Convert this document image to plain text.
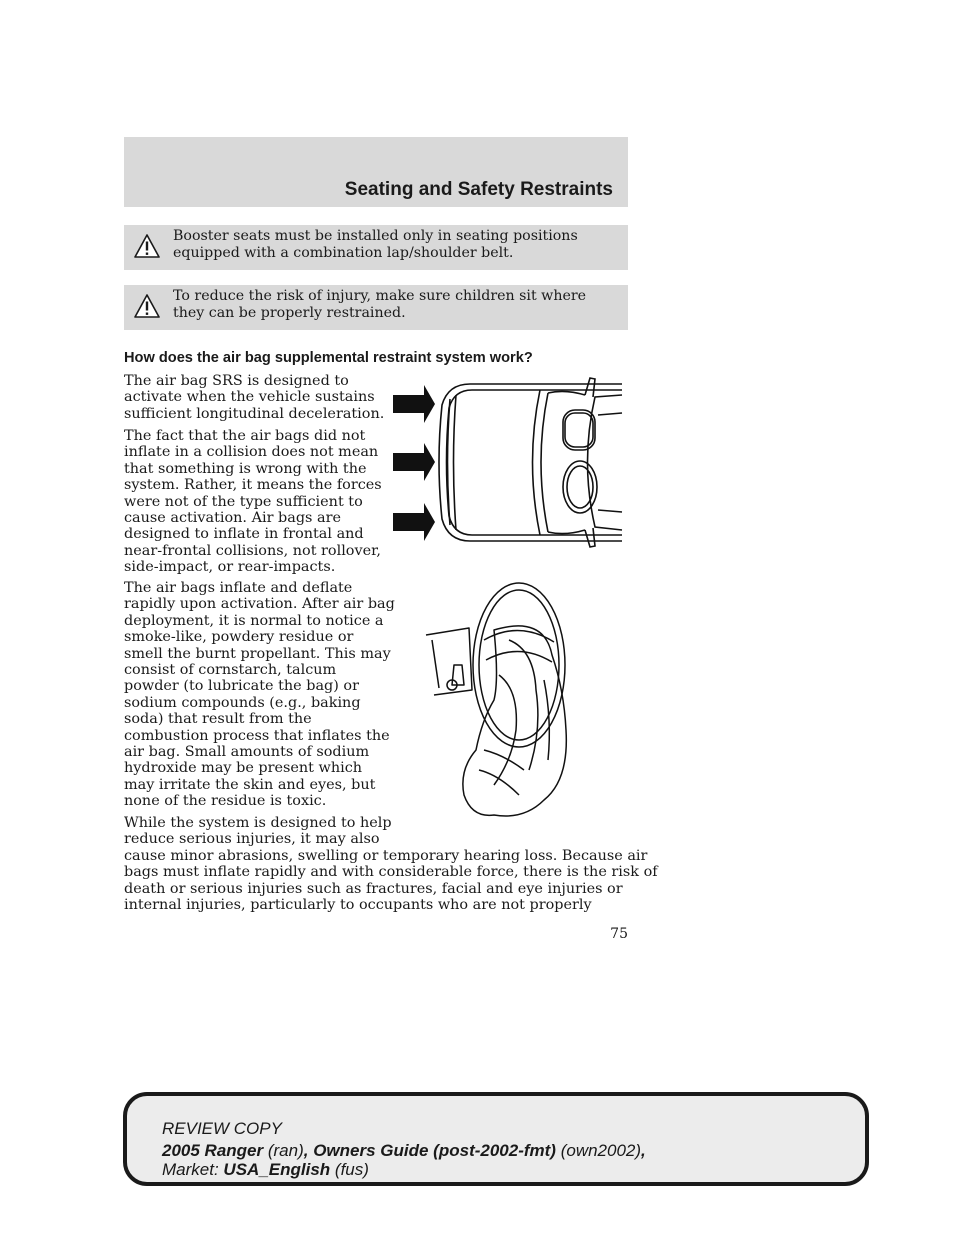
Seating and Safety Restraints
Booster seats must be installed only in seating positions equipped with a combination lap/shoulder belt.
To reduce the risk of injury, make sure children sit where they can be properly restrained.
How does the air bag supplemental restraint system work?

The air bag SRS is designed to
activate when the vehicle sustains
sufficient longitudinal deceleration.

The fact that the air bags did not
inflate in a collision does not mean
that something is wrong with the
system. Rather, it means the forces
were not of the type sufficient to
cause activation. Air bags are
designed to inflate in frontal and
near-frontal collisions, not rollover,
side-impact, or rear-impacts.

The air bags inflate and deflate
rapidly upon activation. After air bag
deployment, it is normal to notice a
smoke-like, powdery residue or
smell the burnt propellant. This may
consist of cornstarch, talcum
powder (to lubricate the bag) or
sodium compounds (e.g., baking
soda) that result from the
combustion process that inflates the
air bag. Small amounts of sodium
hydroxide may be present which
may irritate the skin and eyes, but
none of the residue is toxic.

While the system is designed to help
reduce serious injuries, it may also
cause minor abrasions, swelling or temporary hearing loss. Because air
bags must inflate rapidly and with considerable force, there is the risk of
death or serious injuries such as fractures, facial and eye injuries or
internal injuries, particularly to occupants who are not properly

75
REVIEW COPY
2005 Ranger (ran), Owners Guide (post-2002-fmt) (own2002),
Market: USA_English (fus)
